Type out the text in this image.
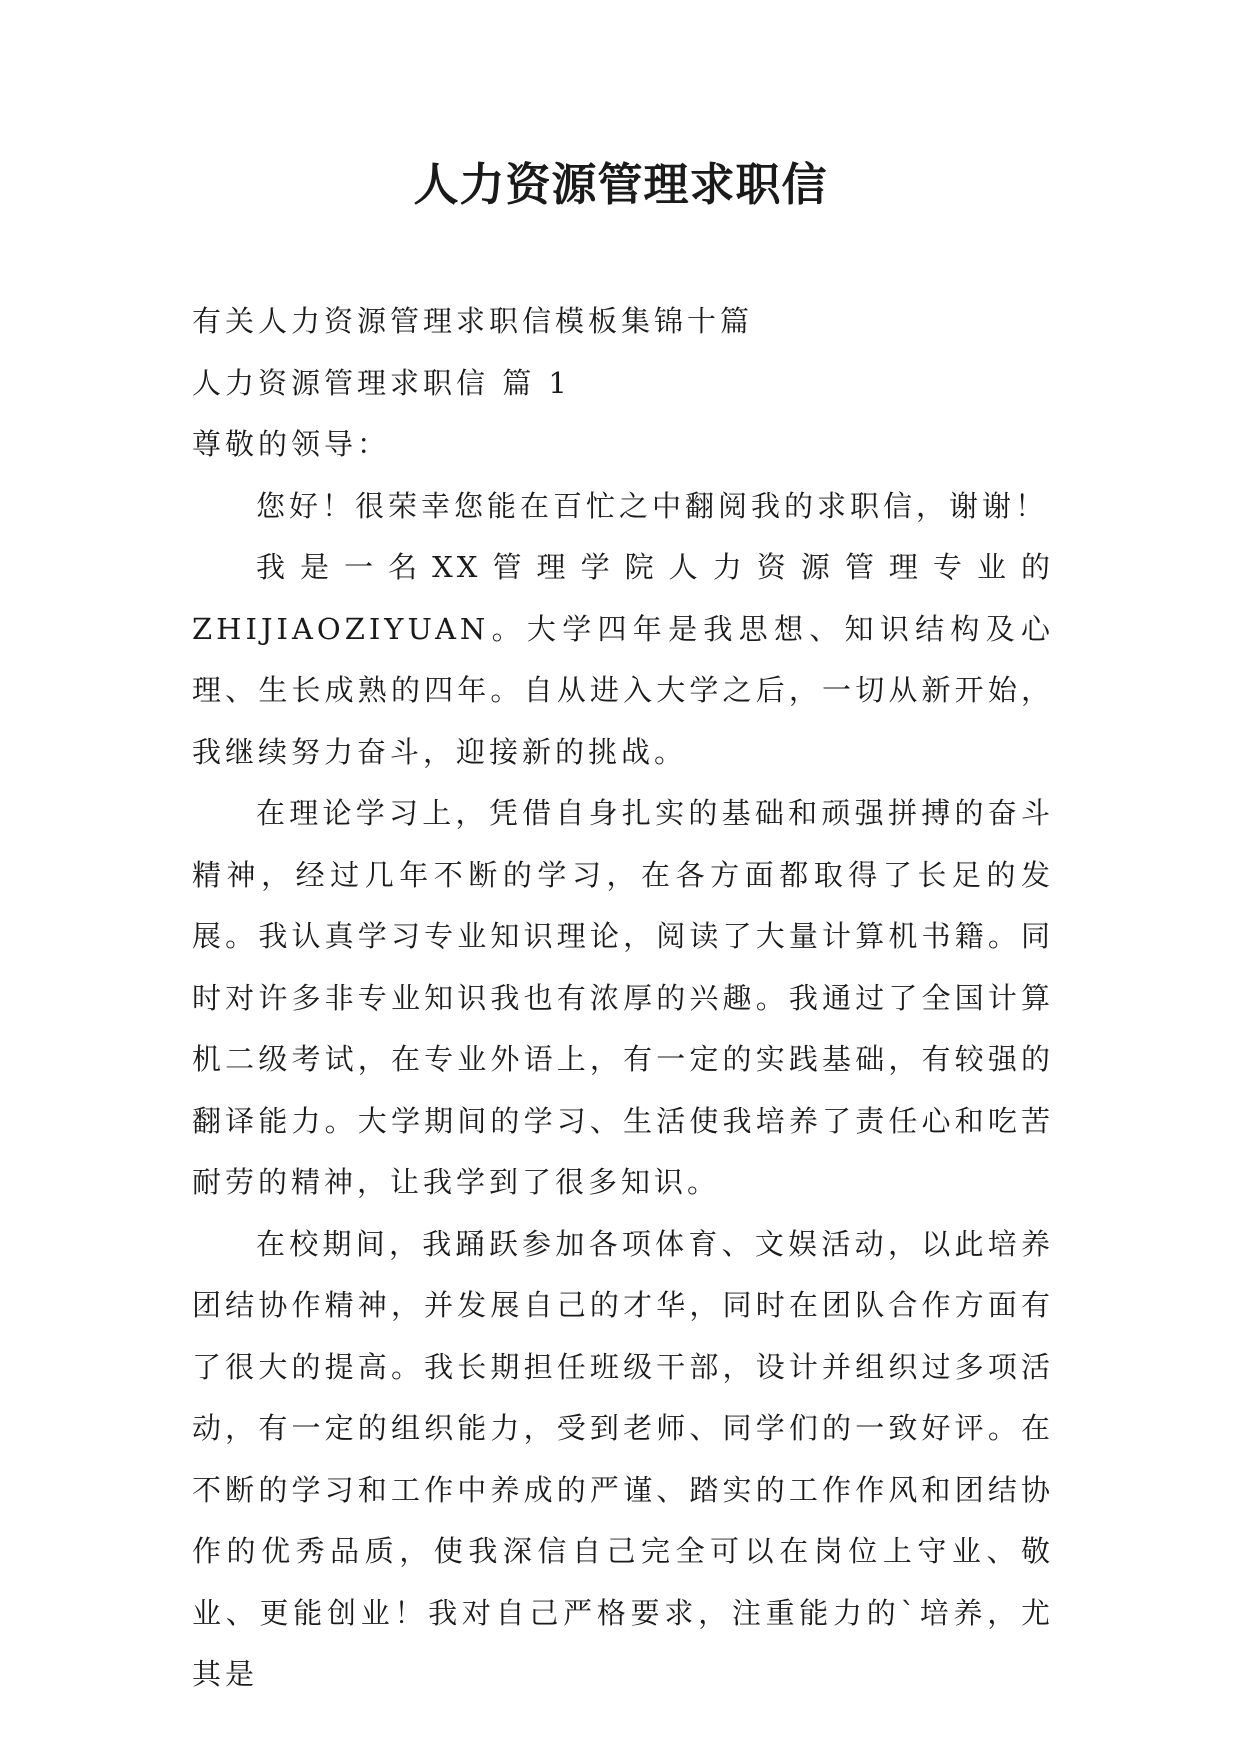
人力资源管理求职信

有关人力资源管理求职信模板集锦十篇

人力资源管理求职信 篇 1

尊敬的领导：

您好！很荣幸您能在百忙之中翻阅我的求职信，谢谢！

我是一名XX管理学院人力资源管理专业的ZHIJIAOZIYUAN。大学四年是我思想、知识结构及心理、生长成熟的四年。自从进入大学之后，一切从新开始，我继续努力奋斗，迎接新的挑战。

在理论学习上，凭借自身扎实的基础和顽强拼搏的奋斗精神，经过几年不断的学习，在各方面都取得了长足的发展。我认真学习专业知识理论，阅读了大量计算机书籍。同时对许多非专业知识我也有浓厚的兴趣。我通过了全国计算机二级考试，在专业外语上，有一定的实践基础，有较强的翻译能力。大学期间的学习、生活使我培养了责任心和吃苦耐劳的精神，让我学到了很多知识。

在校期间，我踊跃参加各项体育、文娱活动，以此培养团结协作精神，并发展自己的才华，同时在团队合作方面有了很大的提高。我长期担任班级干部，设计并组织过多项活动，有一定的组织能力，受到老师、同学们的一致好评。在不断的学习和工作中养成的严谨、踏实的工作作风和团结协作的优秀品质，使我深信自己完全可以在岗位上守业、敬业、更能创业！我对自己严格要求，注重能力的`培养，尤其是
